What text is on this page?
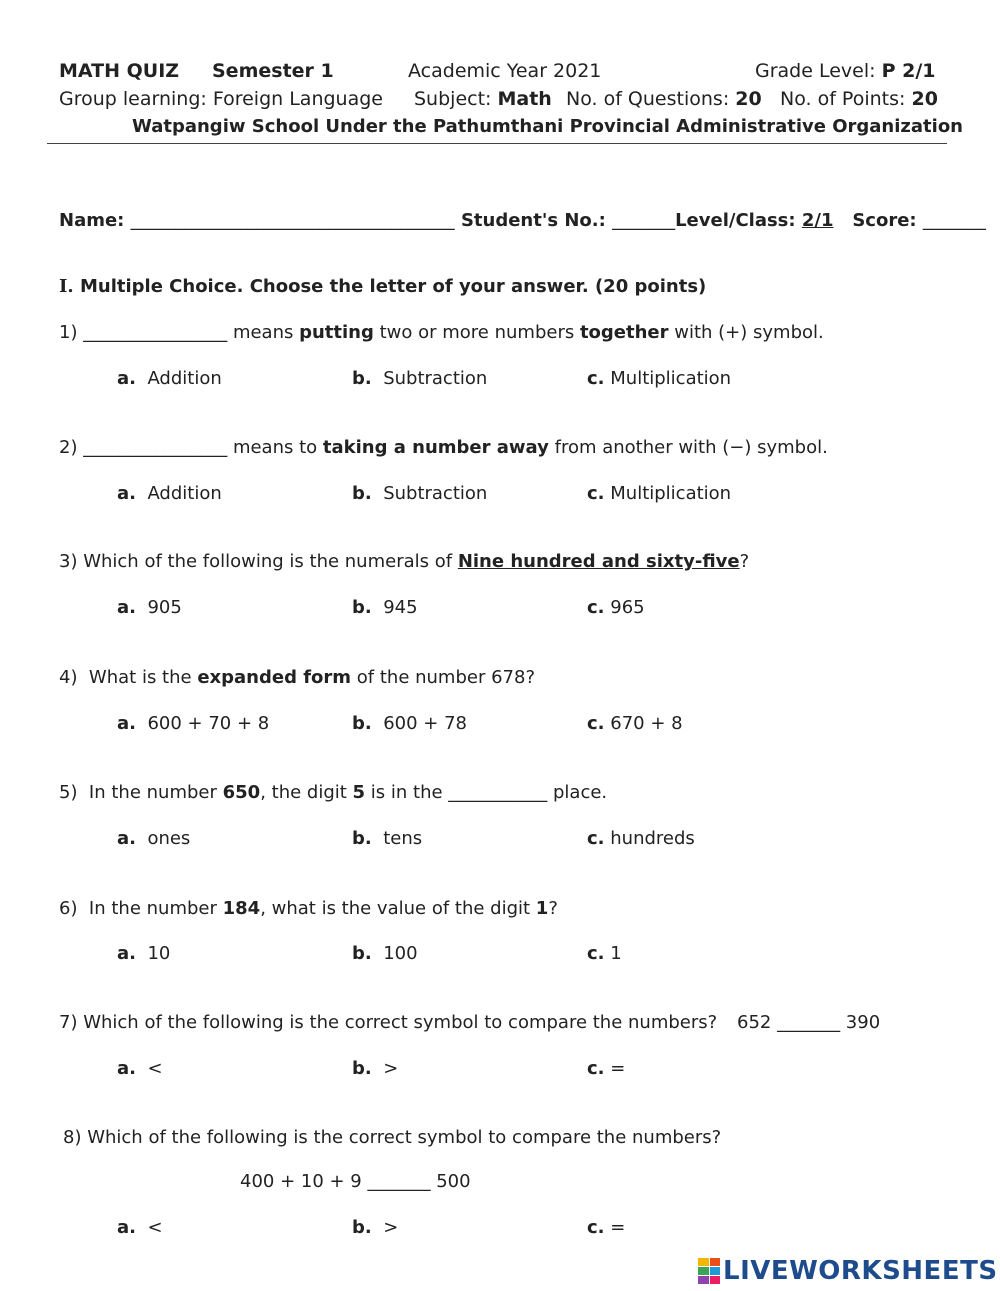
MATH QUIZ Semester 1	Academic Year 2021	Grade Level: P 2/1
Group learning: Foreign Language Subject: Math No. of Questions: 20 No. of Points: 20
Watpangiw School Under the Pathumthani Provincial Administrative Organization
Name: ____________________________________ Student's No.: _______Level/Class: 2/1 Score: _______
I. Multiple Choice. Choose the letter of your answer. (20 points)
1) ________________ means putting two or more numbers together with (+) symbol.
a. Addition	b. Subtraction	c. Multiplication
2) ________________ means to taking a number away from another with (−) symbol.
a. Addition	b. Subtraction	c. Multiplication
3) Which of the following is the numerals of Nine hundred and sixty-five?
a. 905	b. 945	c. 965
4)  What is the expanded form of the number 678?
a. 600 + 70 + 8	b. 600 + 78	c. 670 + 8
5)  In the number 650, the digit 5 is in the ___________ place.
a. ones	b. tens	c. hundreds
6)  In the number 184, what is the value of the digit 1?
a. 10	b. 100	c. 1
7) Which of the following is the correct symbol to compare the numbers? 652 _______ 390
a. <	b. >	c. =
8) Which of the following is the correct symbol to compare the numbers?
400 + 10 + 9 _______ 500
a. <	b. >	c. =
LIVEWORKSHEETS
